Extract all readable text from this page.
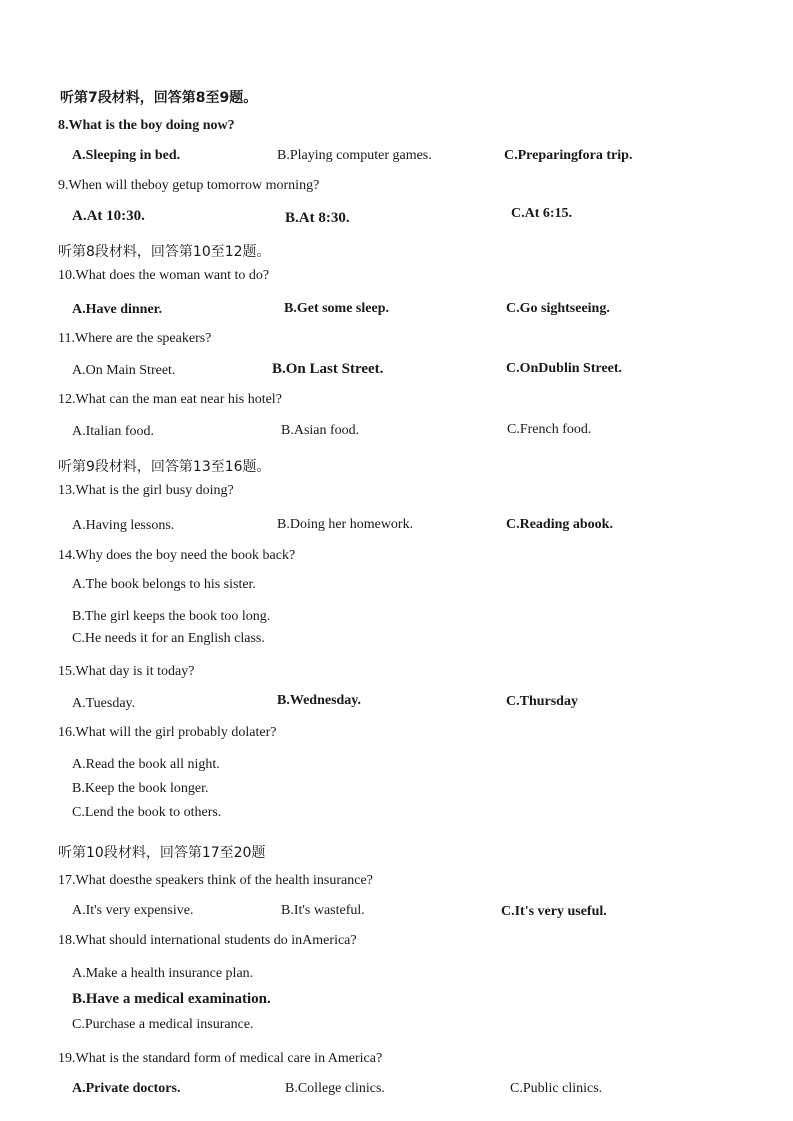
听第7段材料，回答第8至9题。
8.What is the boy doing now?
A.Sleeping in bed.	B.Playing computer games.	C.Preparingfora trip.
9.When will theboy getup tomorrow morning?
A.At 10:30.	B.At 8:30.	C.At 6:15.
听第8段材料，回答第10至12题。
10.What does the woman want to do?
A.Have dinner.	B.Get some sleep.	C.Go sightseeing.
11.Where are the speakers?
A.On Main Street.	B.On Last Street.	C.OnDublin Street.
12.What can the man eat near his hotel?
A.Italian food.	B.Asian food.	C.French food.
听第9段材料，回答第13至16题。
13.What is the girl busy doing?
A.Having lessons.	B.Doing her homework.	C.Reading abook.
14.Why does the boy need the book back?
A.The book belongs to his sister.
B.The girl keeps the book too long.
C.He needs it for an English class.
15.What day is it today?
A.Tuesday.	B.Wednesday.	C.Thursday
16.What will the girl probably dolater?
A.Read the book all night.
B.Keep the book longer.
C.Lend the book to others.
听第10段材料，回答第17至20题
17.What doesthe speakers think of the health insurance?
A.It's very expensive.	B.It's wasteful.	C.It's very useful.
18.What should international students do inAmerica?
A.Make a health insurance plan.
B.Have a medical examination.
C.Purchase a medical insurance.
19.What is the standard form of medical care in America?
A.Private doctors.	B.College clinics.	C.Public clinics.
